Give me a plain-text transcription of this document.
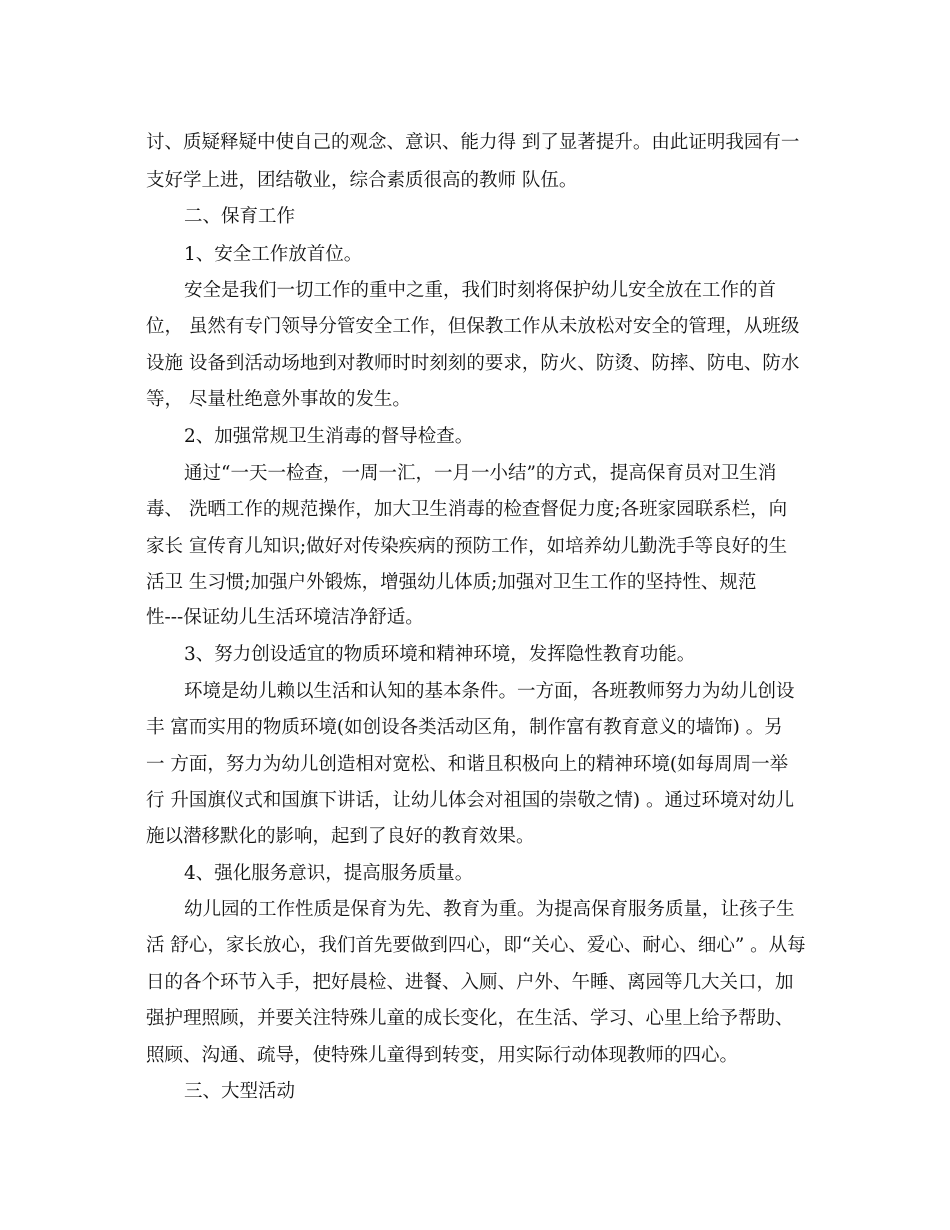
讨、质疑释疑中使自己的观念、意识、能力得 到了显著提升。由此证明我园有一
支好学上进，团结敬业，综合素质很高的教师 队伍。
二、保育工作
1、安全工作放首位。
安全是我们一切工作的重中之重，我们时刻将保护幼儿安全放在工作的首
位， 虽然有专门领导分管安全工作，但保教工作从未放松对安全的管理，从班级
设施 设备到活动场地到对教师时时刻刻的要求，防火、防烫、防摔、防电、防水
等， 尽量杜绝意外事故的发生。
2、加强常规卫生消毒的督导检查。
通过“一天一检查，一周一汇，一月一小结”的方式，提高保育员对卫生消
毒、 洗晒工作的规范操作，加大卫生消毒的检查督促力度;各班家园联系栏，向
家长 宣传育儿知识;做好对传染疾病的预防工作，如培养幼儿勤洗手等良好的生
活卫 生习惯;加强户外锻炼，增强幼儿体质;加强对卫生工作的坚持性、规范
性---保证幼儿生活环境洁净舒适。
3、努力创设适宜的物质环境和精神环境，发挥隐性教育功能。
环境是幼儿赖以生活和认知的基本条件。一方面，各班教师努力为幼儿创设
丰 富而实用的物质环境(如创设各类活动区角，制作富有教育意义的墙饰) 。另
一 方面，努力为幼儿创造相对宽松、和谐且积极向上的精神环境(如每周周一举
行 升国旗仪式和国旗下讲话，让幼儿体会对祖国的崇敬之情) 。通过环境对幼儿
施以潜移默化的影响，起到了良好的教育效果。
4、强化服务意识，提高服务质量。
幼儿园的工作性质是保育为先、教育为重。为提高保育服务质量，让孩子生
活 舒心，家长放心，我们首先要做到四心，即“关心、爱心、耐心、细心” 。从每
日的各个环节入手，把好晨检、进餐、入厕、户外、午睡、离园等几大关口，加
强护理照顾，并要关注特殊儿童的成长变化，在生活、学习、心里上给予帮助、
照顾、沟通、疏导，使特殊儿童得到转变，用实际行动体现教师的四心。
三、大型活动
